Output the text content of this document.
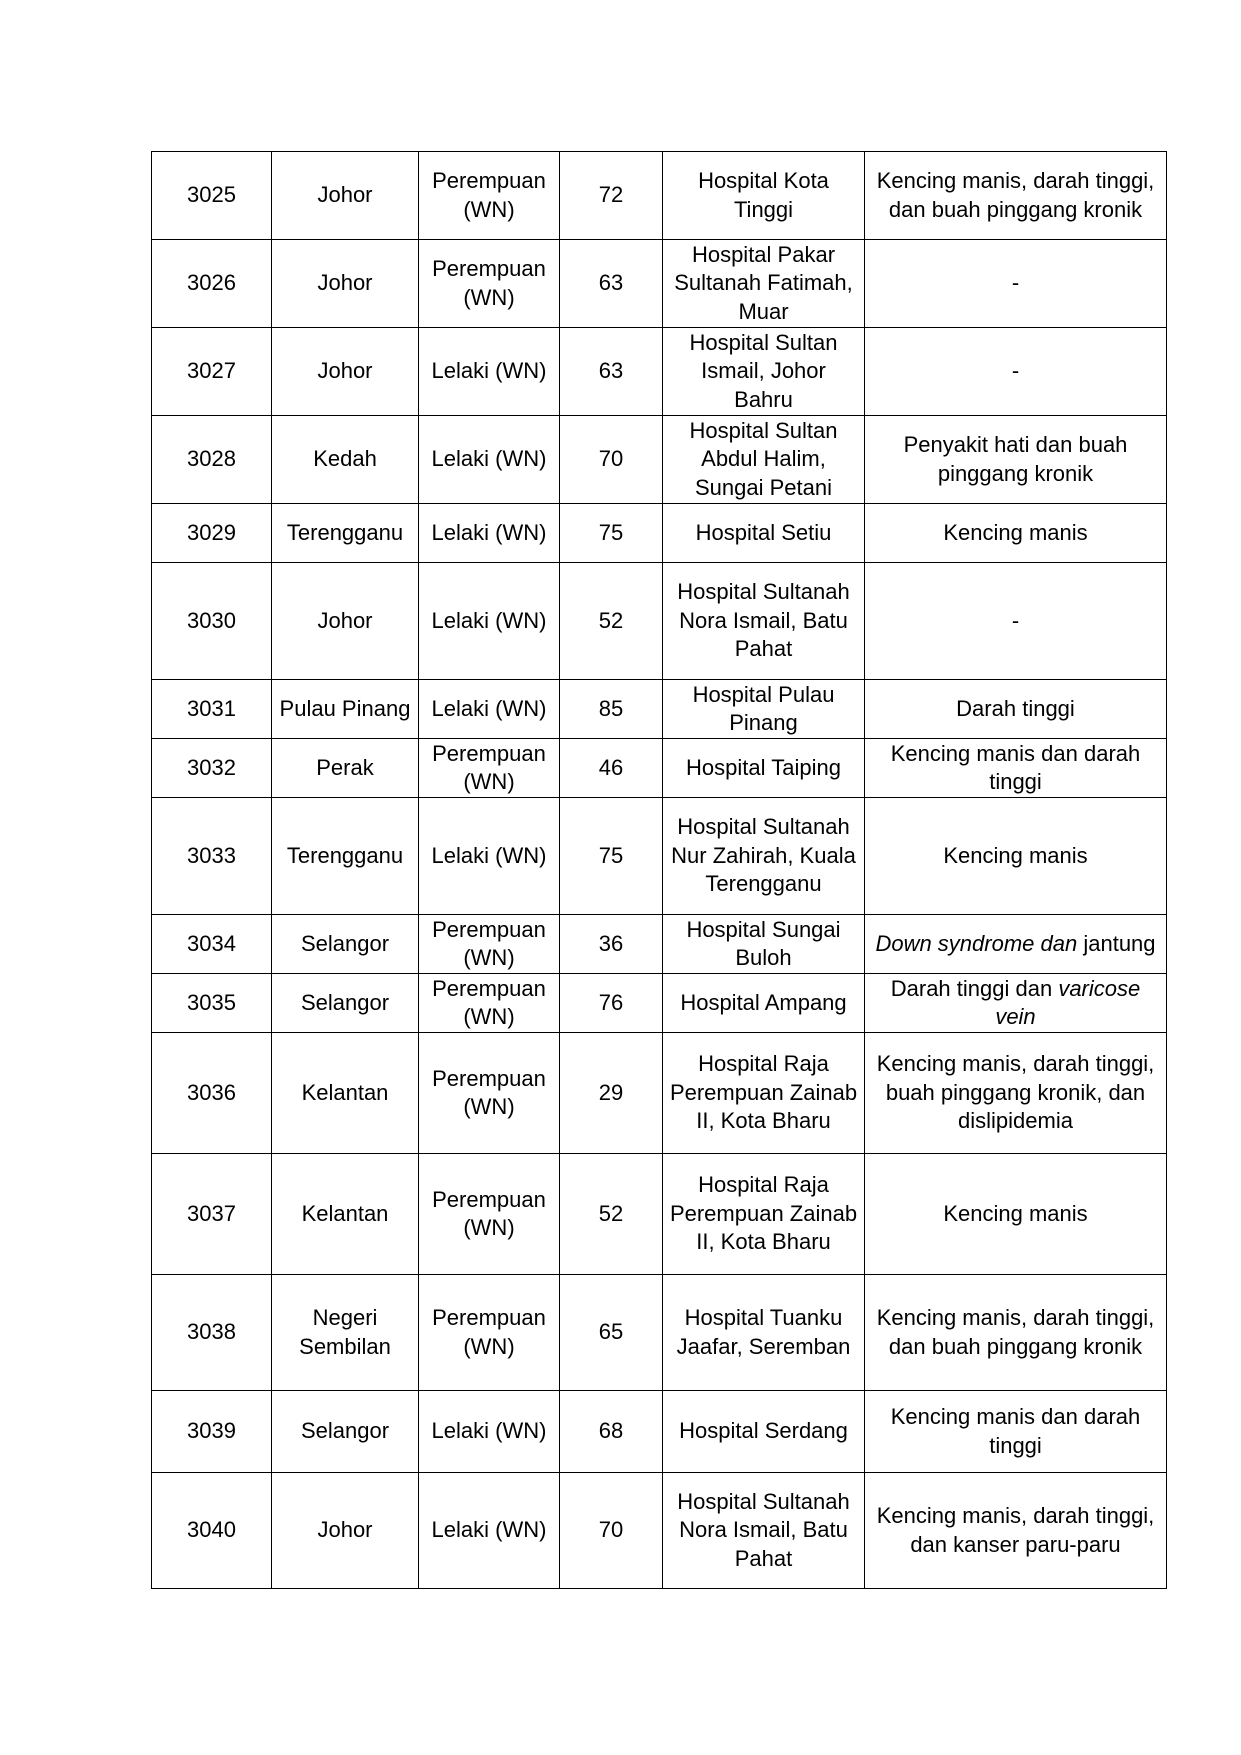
3025	Johor	Perempuan (WN)	72	Hospital Kota Tinggi	Kencing manis, darah tinggi, dan buah pinggang kronik
3026	Johor	Perempuan (WN)	63	Hospital Pakar Sultanah Fatimah, Muar	-
3027	Johor	Lelaki (WN)	63	Hospital Sultan Ismail, Johor Bahru	-
3028	Kedah	Lelaki (WN)	70	Hospital Sultan Abdul Halim, Sungai Petani	Penyakit hati dan buah pinggang kronik
3029	Terengganu	Lelaki (WN)	75	Hospital Setiu	Kencing manis
3030	Johor	Lelaki (WN)	52	Hospital Sultanah Nora Ismail, Batu Pahat	-
3031	Pulau Pinang	Lelaki (WN)	85	Hospital Pulau Pinang	Darah tinggi
3032	Perak	Perempuan (WN)	46	Hospital Taiping	Kencing manis dan darah tinggi
3033	Terengganu	Lelaki (WN)	75	Hospital Sultanah Nur Zahirah, Kuala Terengganu	Kencing manis
3034	Selangor	Perempuan (WN)	36	Hospital Sungai Buloh	Down syndrome dan jantung
3035	Selangor	Perempuan (WN)	76	Hospital Ampang	Darah tinggi dan varicose vein
3036	Kelantan	Perempuan (WN)	29	Hospital Raja Perempuan Zainab II, Kota Bharu	Kencing manis, darah tinggi, buah pinggang kronik, dan dislipidemia
3037	Kelantan	Perempuan (WN)	52	Hospital Raja Perempuan Zainab II, Kota Bharu	Kencing manis
3038	Negeri Sembilan	Perempuan (WN)	65	Hospital Tuanku Jaafar, Seremban	Kencing manis, darah tinggi, dan buah pinggang kronik
3039	Selangor	Lelaki (WN)	68	Hospital Serdang	Kencing manis dan darah tinggi
3040	Johor	Lelaki (WN)	70	Hospital Sultanah Nora Ismail, Batu Pahat	Kencing manis, darah tinggi, dan kanser paru-paru
